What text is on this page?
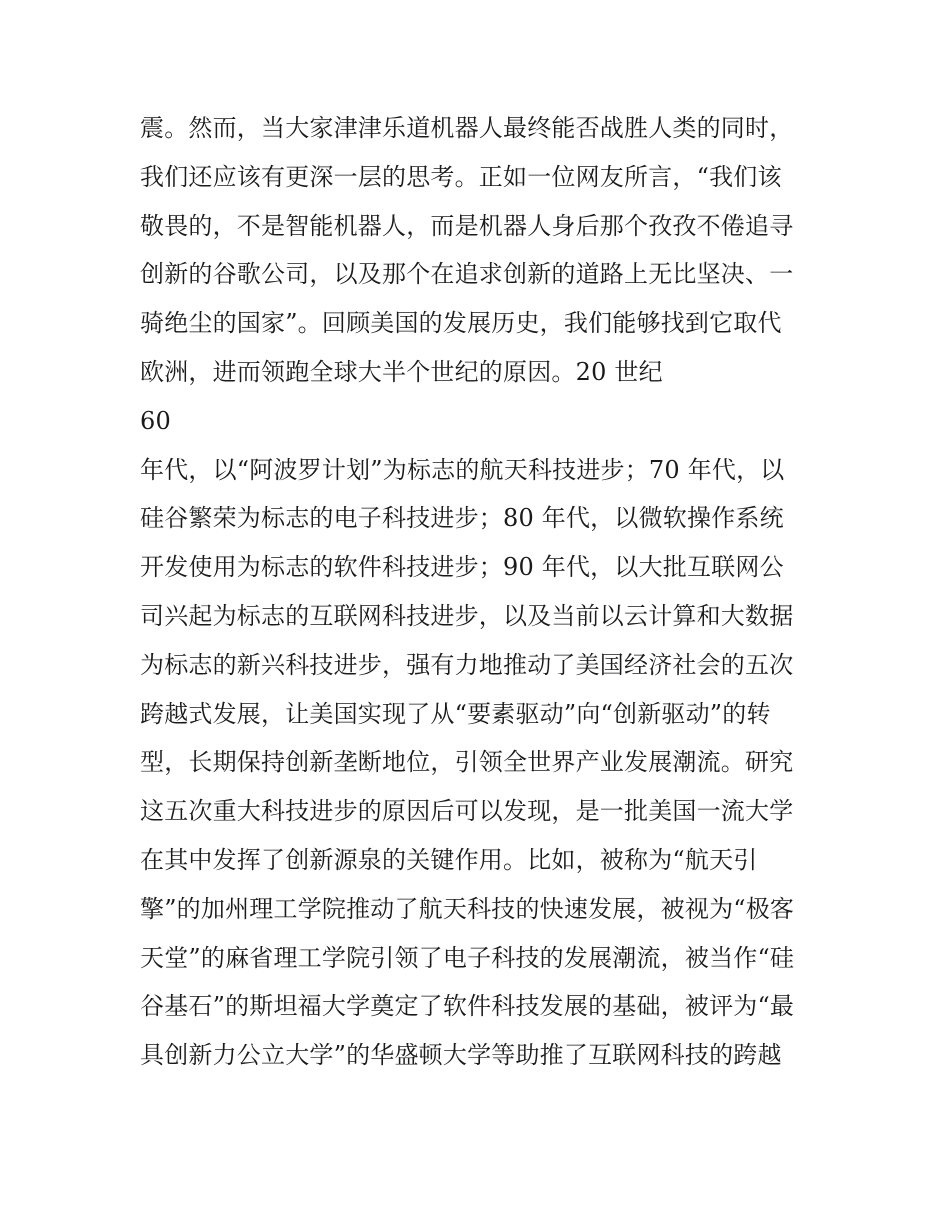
震。然而，当大家津津乐道机器人最终能否战胜人类的同时，
我们还应该有更深一层的思考。正如一位网友所言，“我们该
敬畏的，不是智能机器人，而是机器人身后那个孜孜不倦追寻
创新的谷歌公司，以及那个在追求创新的道路上无比坚决、一
骑绝尘的国家”。回顾美国的发展历史，我们能够找到它取代
欧洲，进而领跑全球大半个世纪的原因。20 世纪
60
年代，以“阿波罗计划”为标志的航天科技进步；70 年代，以
硅谷繁荣为标志的电子科技进步；80 年代，以微软操作系统
开发使用为标志的软件科技进步；90 年代，以大批互联网公
司兴起为标志的互联网科技进步，以及当前以云计算和大数据
为标志的新兴科技进步，强有力地推动了美国经济社会的五次
跨越式发展，让美国实现了从“要素驱动”向“创新驱动”的转
型，长期保持创新垄断地位，引领全世界产业发展潮流。研究
这五次重大科技进步的原因后可以发现，是一批美国一流大学
在其中发挥了创新源泉的关键作用。比如，被称为“航天引
擎”的加州理工学院推动了航天科技的快速发展，被视为“极客
天堂”的麻省理工学院引领了电子科技的发展潮流，被当作“硅
谷基石”的斯坦福大学奠定了软件科技发展的基础，被评为“最
具创新力公立大学”的华盛顿大学等助推了互联网科技的跨越
